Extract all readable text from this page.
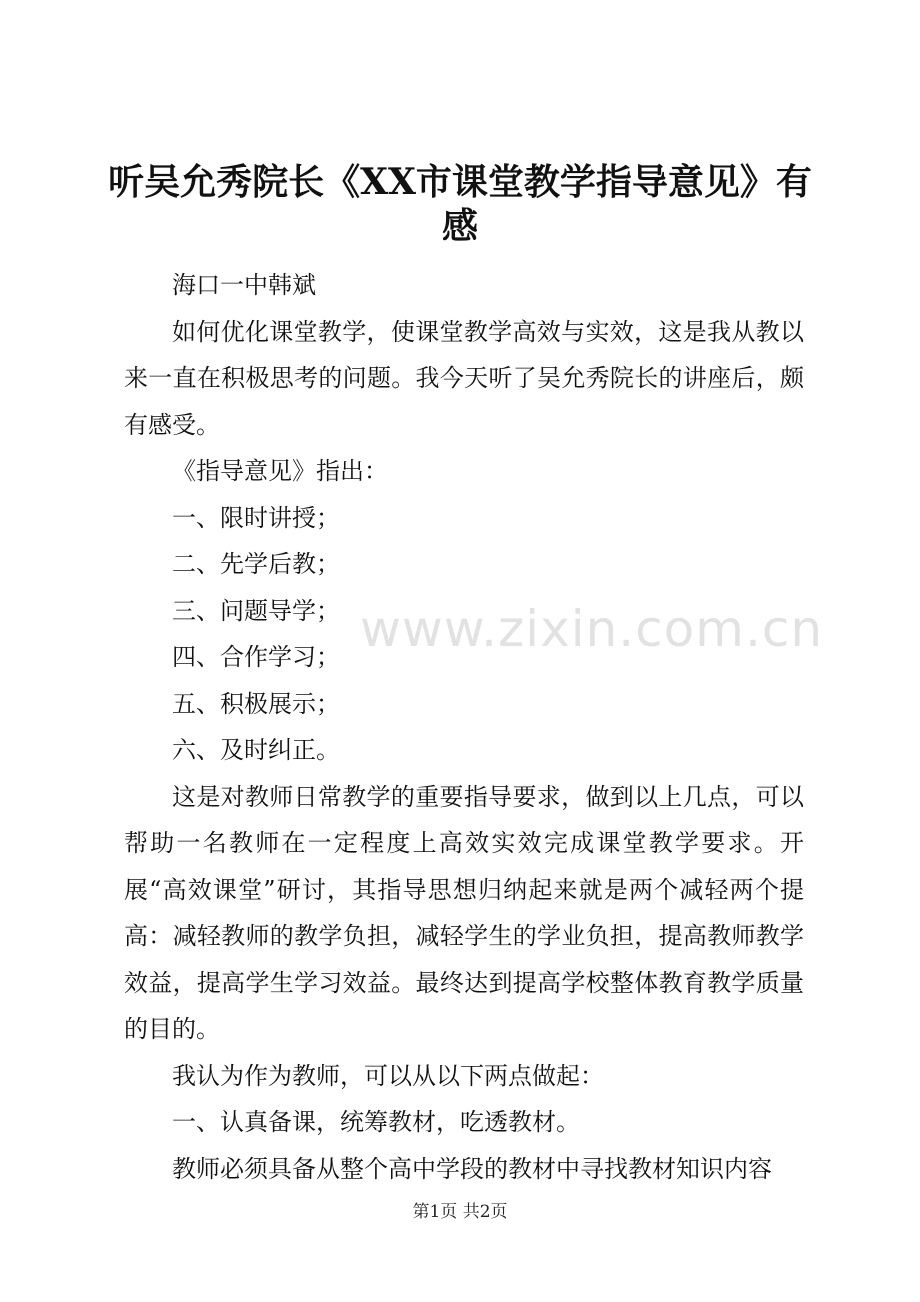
听吴允秀院长《XX市课堂教学指导意见》有
感

海口一中韩斌

如何优化课堂教学，使课堂教学高效与实效，这是我从教以来一直在积极思考的问题。我今天听了吴允秀院长的讲座后，颇有感受。

《指导意见》指出：

一、限时讲授；

二、先学后教；

三、问题导学；

四、合作学习；

五、积极展示；

六、及时纠正。

这是对教师日常教学的重要指导要求，做到以上几点，可以帮助一名教师在一定程度上高效实效完成课堂教学要求。开展“高效课堂”研讨，其指导思想归纳起来就是两个减轻两个提高：减轻教师的教学负担，减轻学生的学业负担，提高教师教学效益，提高学生学习效益。最终达到提高学校整体教育教学质量的目的。

我认为作为教师，可以从以下两点做起：

一、认真备课，统筹教材，吃透教材。

教师必须具备从整个高中学段的教材中寻找教材知识内容

www.zixin.com.cn
第1页 共2页
